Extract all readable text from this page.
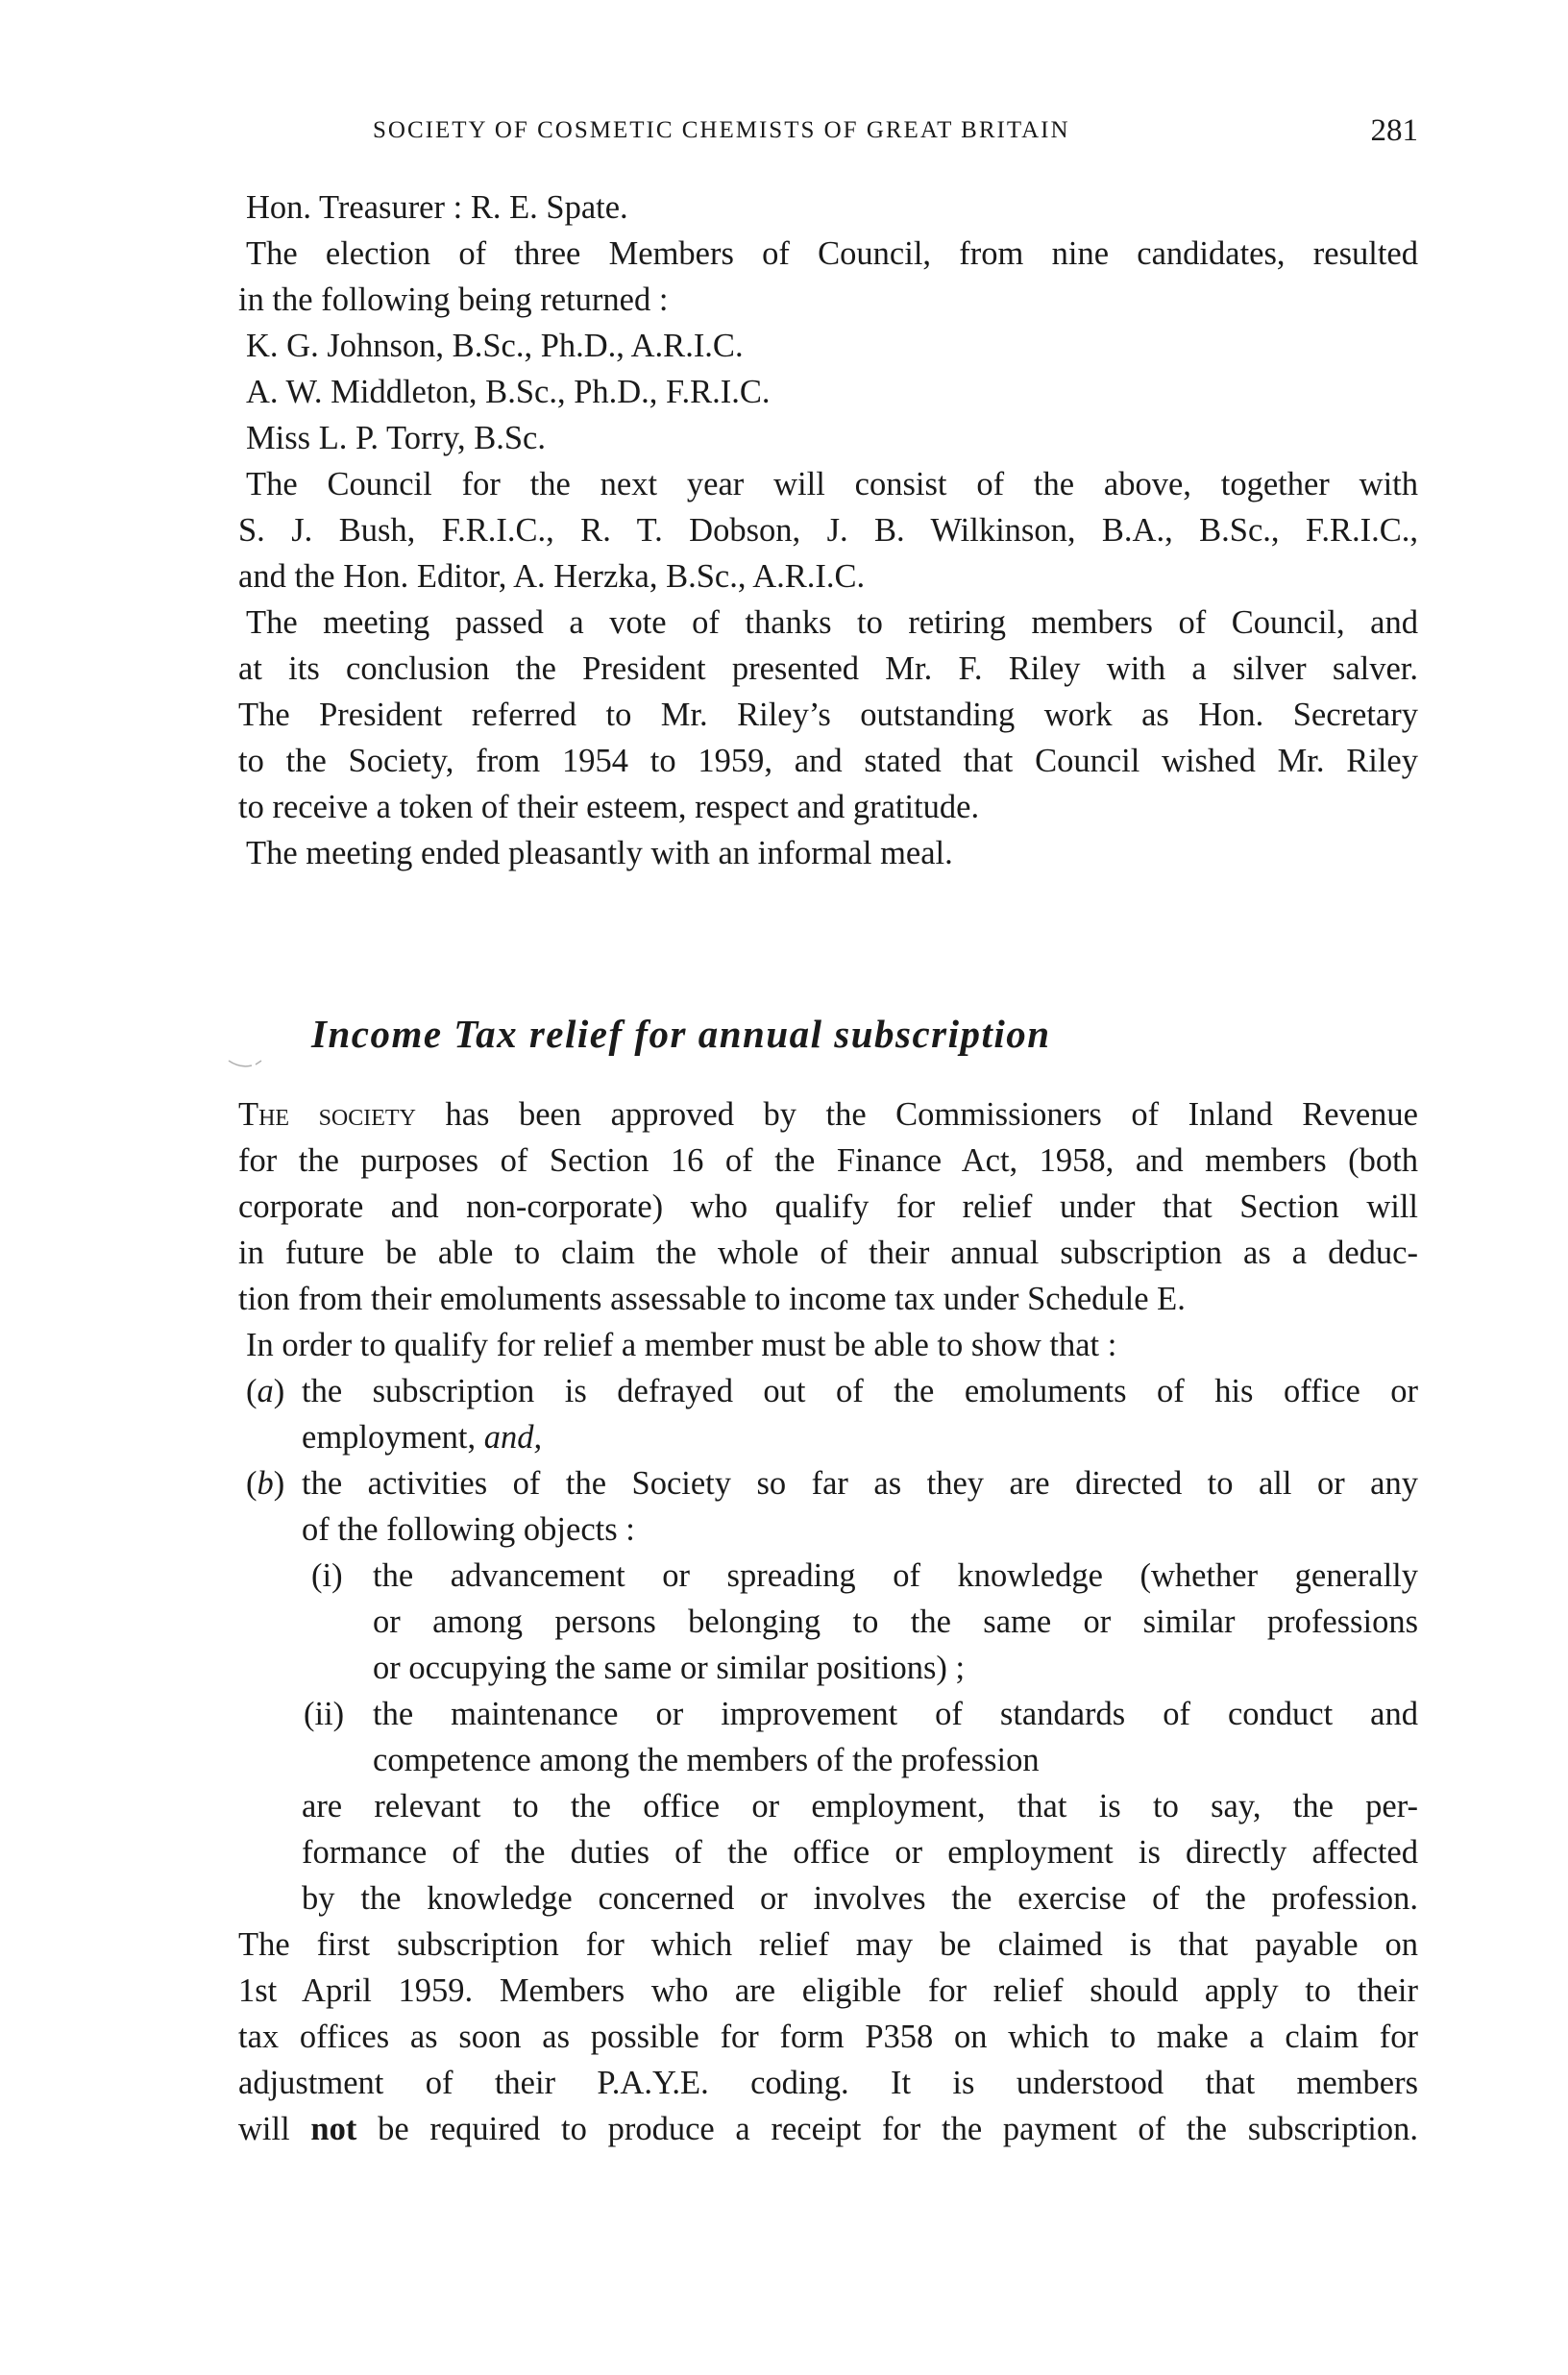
SOCIETY OF COSMETIC CHEMISTS OF GREAT BRITAIN	281
Hon. Treasurer : R. E. Spate.
The election of three Members of Council, from nine candidates, resulted
in the following being returned :
K. G. Johnson, B.Sc., Ph.D., A.R.I.C.
A. W. Middleton, B.Sc., Ph.D., F.R.I.C.
Miss L. P. Torry, B.Sc.
The Council for the next year will consist of the above, together with
S. J. Bush, F.R.I.C., R. T. Dobson, J. B. Wilkinson, B.A., B.Sc., F.R.I.C.,
and the Hon. Editor, A. Herzka, B.Sc., A.R.I.C.
The meeting passed a vote of thanks to retiring members of Council, and
at its conclusion the President presented Mr. F. Riley with a silver salver.
The President referred to Mr. Riley’s outstanding work as Hon. Secretary
to the Society, from 1954 to 1959, and stated that Council wished Mr. Riley
to receive a token of their esteem, respect and gratitude.
The meeting ended pleasantly with an informal meal.
Income Tax relief for annual subscription
The society has been approved by the Commissioners of Inland Revenue
for the purposes of Section 16 of the Finance Act, 1958, and members (both
corporate and non-corporate) who qualify for relief under that Section will
in future be able to claim the whole of their annual subscription as a deduc-
tion from their emoluments assessable to income tax under Schedule E.
In order to qualify for relief a member must be able to show that :
(a) the subscription is defrayed out of the emoluments of his office or
employment, and,
(b) the activities of the Society so far as they are directed to all or any
of the following objects :
(i) the advancement or spreading of knowledge (whether generally
or among persons belonging to the same or similar professions
or occupying the same or similar positions) ;
(ii) the maintenance or improvement of standards of conduct and
competence among the members of the profession
are relevant to the office or employment, that is to say, the per-
formance of the duties of the office or employment is directly affected
by the knowledge concerned or involves the exercise of the profession.
The first subscription for which relief may be claimed is that payable on
1st April 1959. Members who are eligible for relief should apply to their
tax offices as soon as possible for form P358 on which to make a claim for
adjustment of their P.A.Y.E. coding. It is understood that members
will not be required to produce a receipt for the payment of the subscription.
